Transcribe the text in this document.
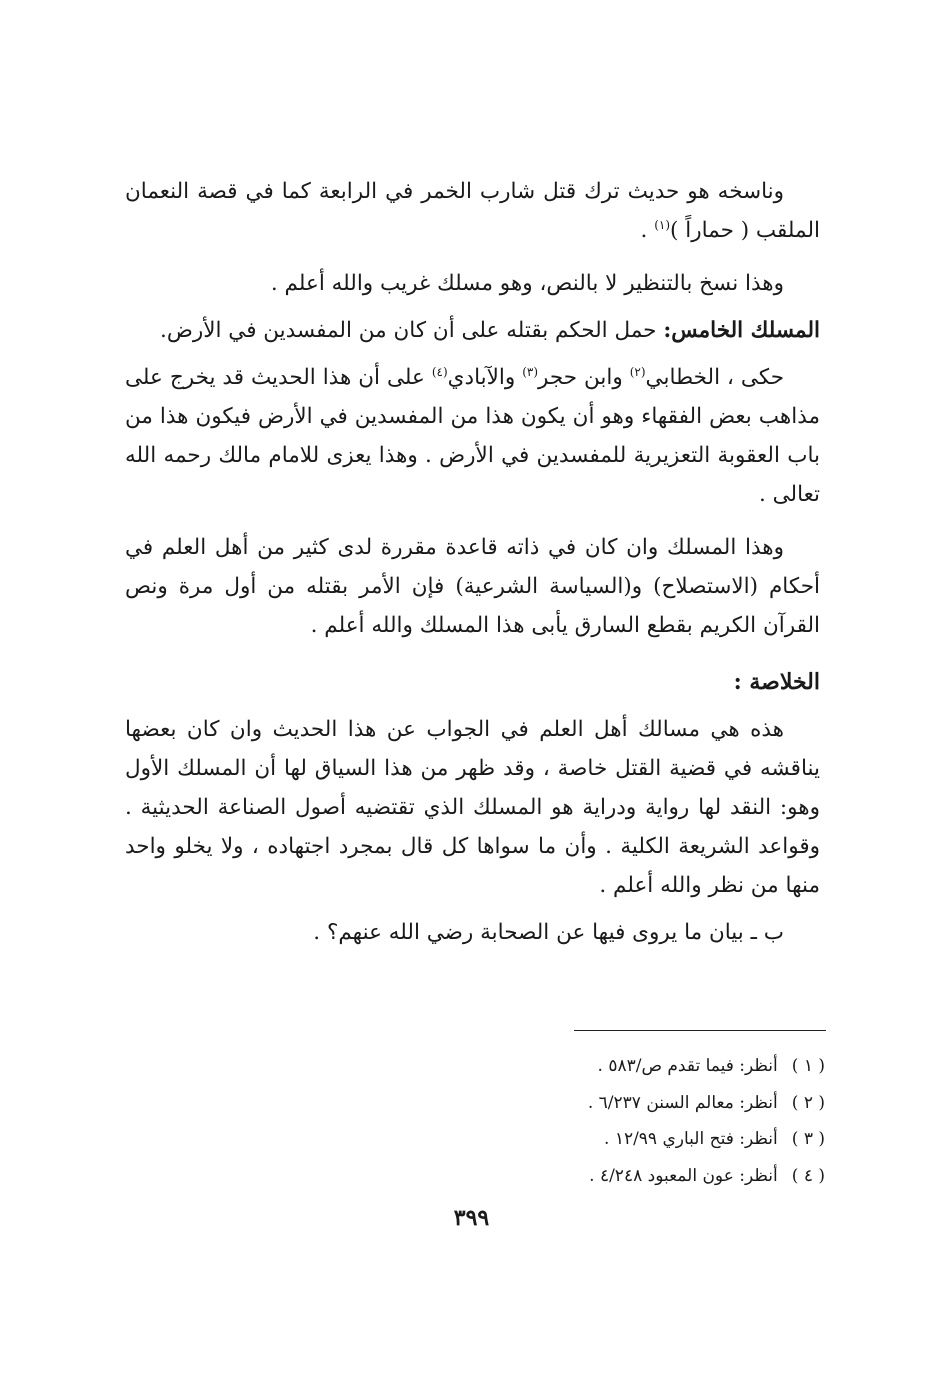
وناسخه هو حديث ترك قتل شارب الخمر في الرابعة كما في قصة النعمان الملقب ( حماراً )$^{(١)}$ .

وهذا نسخ بالتنظير لا بالنص، وهو مسلك غريب والله أعلم .

المسلك الخامس: حمل الحكم بقتله على أن كان من المفسدين في الأرض.

حكى ، الخطابي$^{(٢)}$ وابن حجر$^{(٣)}$ والآبادي$^{(٤)}$ على أن هذا الحديث قد يخرج على مذاهب بعض الفقهاء وهو أن يكون هذا من المفسدين في الأرض فيكون هذا من باب العقوبة التعزيرية للمفسدين في الأرض . وهذا يعزى للامام مالك رحمه الله تعالى .

وهذا المسلك وان كان في ذاته قاعدة مقررة لدى كثير من أهل العلم في أحكام (الاستصلاح) و(السياسة الشرعية) فإن الأمر بقتله من أول مرة ونص القرآن الكريم بقطع السارق يأبى هذا المسلك والله أعلم .

الخلاصة :

هذه هي مسالك أهل العلم في الجواب عن هذا الحديث وان كان بعضها يناقشه في قضية القتل خاصة ، وقد ظهر من هذا السياق لها أن المسلك الأول وهو: النقد لها رواية ودراية هو المسلك الذي تقتضيه أصول الصناعة الحديثية . وقواعد الشريعة الكلية . وأن ما سواها كل قال بمجرد اجتهاده ، ولا يخلو واحد منها من نظر والله أعلم .

ب ـ بيان ما يروى فيها عن الصحابة رضي الله عنهم؟ .

( ١ )أنظر: فيما تقدم ص/٥٨٣ .
( ٢ )أنظر: معالم السنن ٦/٢٣٧ .
( ٣ )أنظر: فتح الباري ١٢/٩٩ .
( ٤ )أنظر: عون المعبود ٤/٢٤٨ .
٣٩٩
